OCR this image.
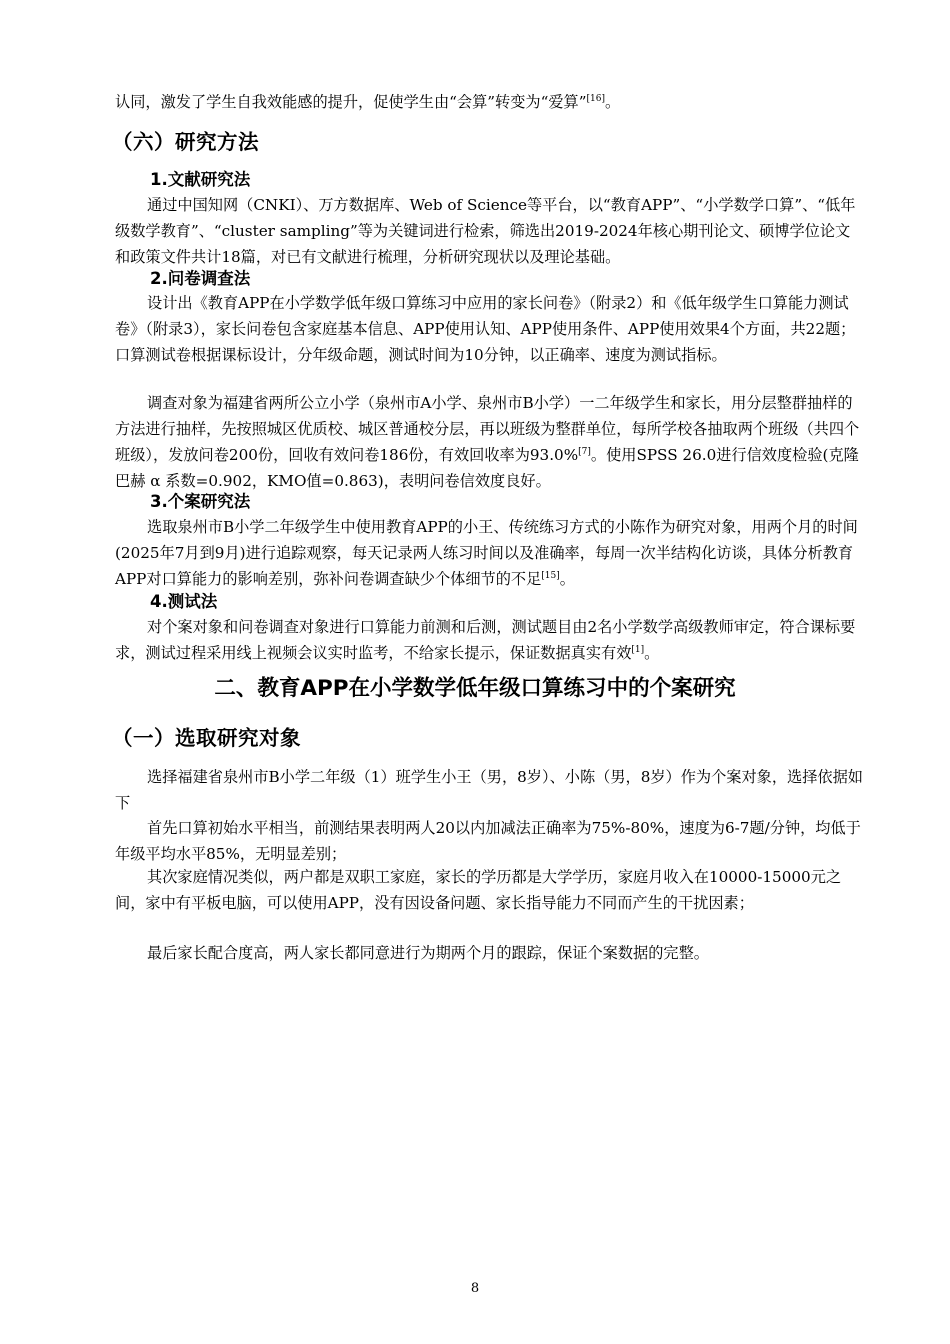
认同，激发了学生自我效能感的提升，促使学生由“会算”转变为“爱算”[16]。

（六）研究方法
1.文献研究法

通过中国知网（CNKI）、万方数据库、Web of Science等平台，以“教育APP”、“小学数学口算”、“低年级数学教育”、“cluster sampling”等为关键词进行检索，筛选出2019-2024年核心期刊论文、硕博学位论文和政策文件共计18篇，对已有文献进行梳理，分析研究现状以及理论基础。

2.问卷调查法

设计出《教育APP在小学数学低年级口算练习中应用的家长问卷》（附录2）和《低年级学生口算能力测试卷》（附录3），家长问卷包含家庭基本信息、APP使用认知、APP使用条件、APP使用效果4个方面，共22题；口算测试卷根据课标设计，分年级命题，测试时间为10分钟，以正确率、速度为测试指标。

调查对象为福建省两所公立小学（泉州市A小学、泉州市B小学）一二年级学生和家长，用分层整群抽样的方法进行抽样，先按照城区优质校、城区普通校分层，再以班级为整群单位，每所学校各抽取两个班级（共四个班级），发放问卷200份，回收有效问卷186份，有效回收率为93.0%[7]。使用SPSS 26.0进行信效度检验(克隆巴赫 α 系数=0.902，KMO值=0.863)，表明问卷信效度良好。

3.个案研究法

选取泉州市B小学二年级学生中使用教育APP的小王、传统练习方式的小陈作为研究对象，用两个月的时间(2025年7月到9月)进行追踪观察，每天记录两人练习时间以及准确率，每周一次半结构化访谈，具体分析教育APP对口算能力的影响差别，弥补问卷调查缺少个体细节的不足[15]。

4.测试法

对个案对象和问卷调查对象进行口算能力前测和后测，测试题目由2名小学数学高级教师审定，符合课标要求，测试过程采用线上视频会议实时监考，不给家长提示，保证数据真实有效[1]。

二、教育APP在小学数学低年级口算练习中的个案研究
（一）选取研究对象

选择福建省泉州市B小学二年级（1）班学生小王（男，8岁）、小陈（男，8岁）作为个案对象，选择依据如下

首先口算初始水平相当，前测结果表明两人20以内加减法正确率为75%-80%，速度为6-7题/分钟，均低于年级平均水平85%，无明显差别；

其次家庭情况类似，两户都是双职工家庭，家长的学历都是大学学历，家庭月收入在10000-15000元之间，家中有平板电脑，可以使用APP，没有因设备问题、家长指导能力不同而产生的干扰因素；

最后家长配合度高，两人家长都同意进行为期两个月的跟踪，保证个案数据的完整。

8
